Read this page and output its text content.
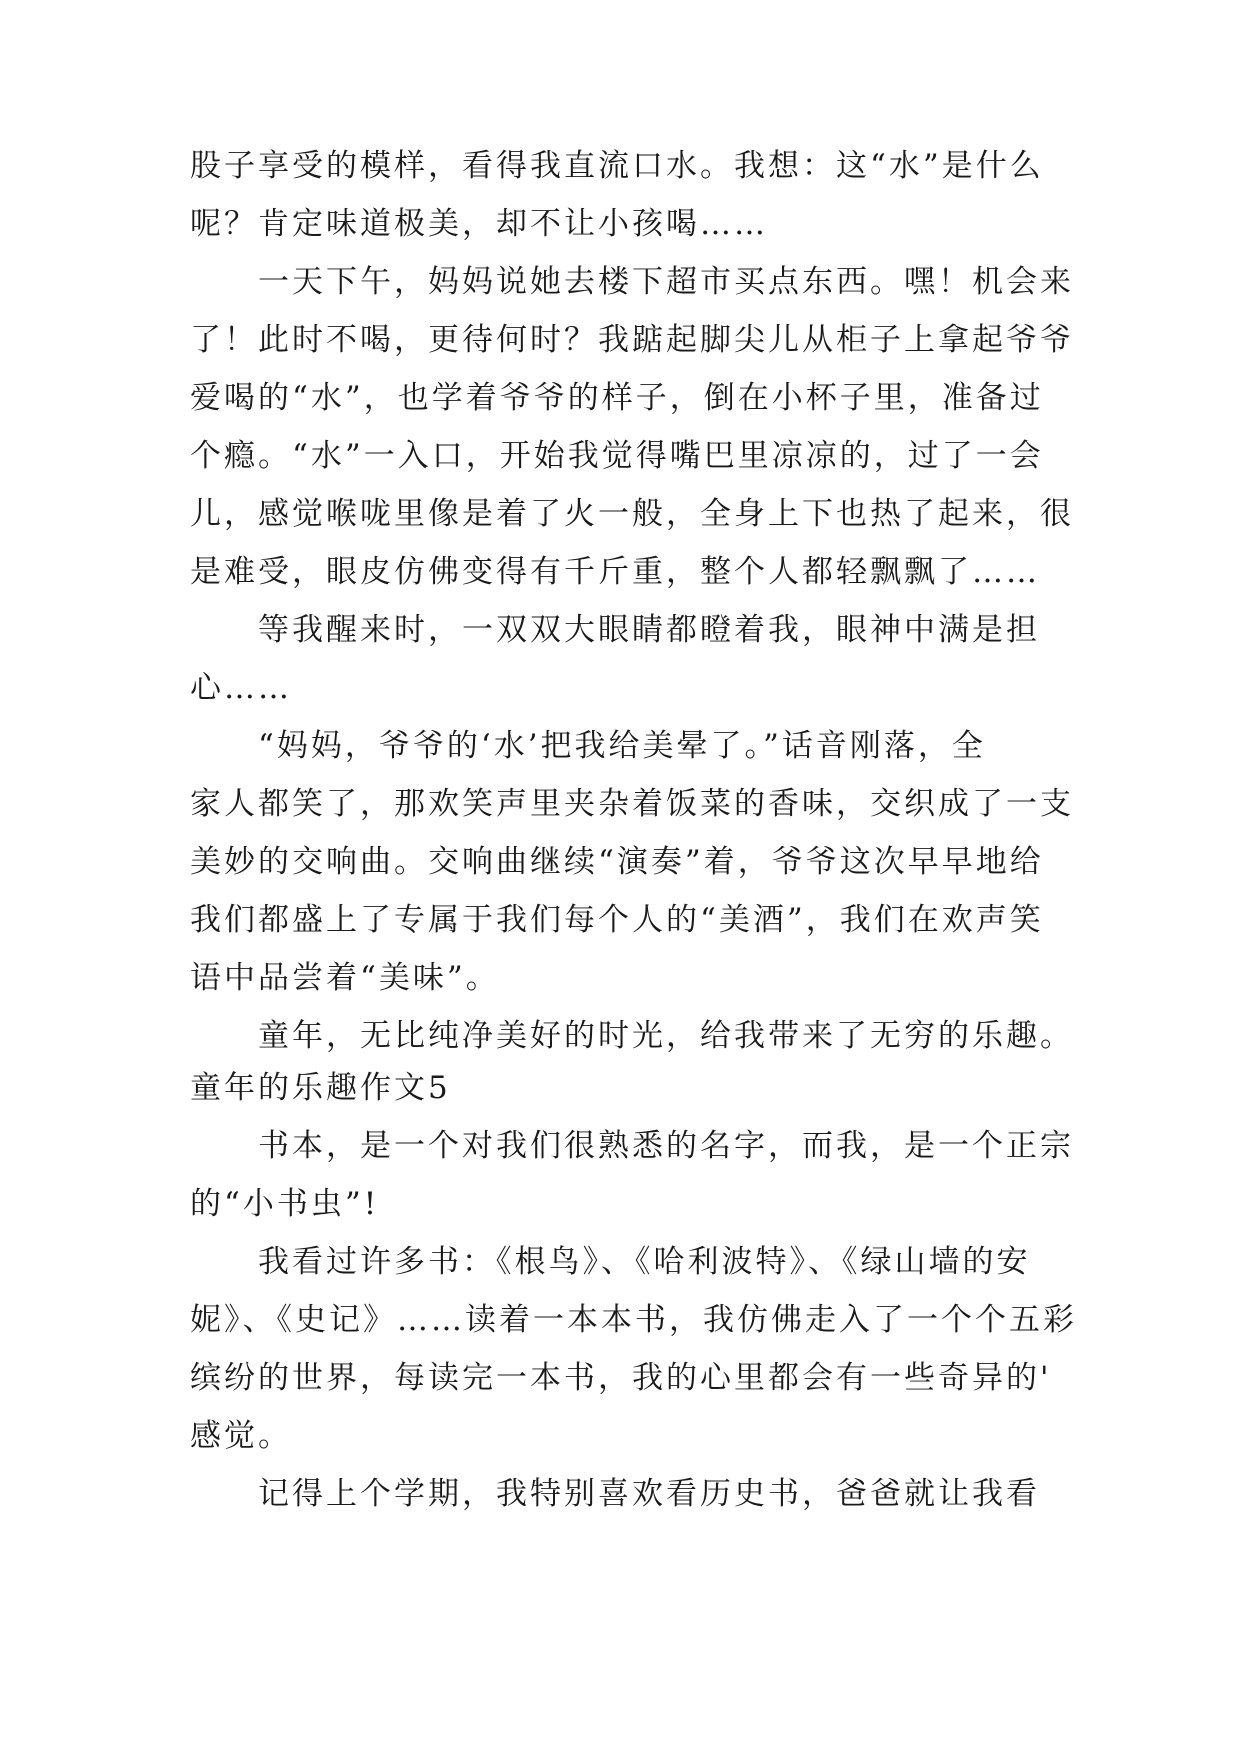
股子享受的模样，看得我直流口水。我想：这“水”是什么
呢？肯定味道极美，却不让小孩喝……
一天下午，妈妈说她去楼下超市买点东西。嘿！机会来
了！此时不喝，更待何时？我踮起脚尖儿从柜子上拿起爷爷
爱喝的“水”，也学着爷爷的样子，倒在小杯子里，准备过
个瘾。“水”一入口，开始我觉得嘴巴里凉凉的，过了一会
儿，感觉喉咙里像是着了火一般，全身上下也热了起来，很
是难受，眼皮仿佛变得有千斤重，整个人都轻飘飘了……
等我醒来时，一双双大眼睛都瞪着我，眼神中满是担
心……
“妈妈，爷爷的‘水’把我给美晕了。”话音刚落，全
家人都笑了，那欢笑声里夹杂着饭菜的香味，交织成了一支
美妙的交响曲。交响曲继续“演奏”着，爷爷这次早早地给
我们都盛上了专属于我们每个人的“美酒”，我们在欢声笑
语中品尝着“美味”。
童年，无比纯净美好的时光，给我带来了无穷的乐趣。
童年的乐趣作文5
书本，是一个对我们很熟悉的名字，而我，是一个正宗
的“小书虫”!
我看过许多书：《根鸟》、《哈利波特》、《绿山墙的安
妮》、《史记》……读着一本本书，我仿佛走入了一个个五彩
缤纷的世界，每读完一本书，我的心里都会有一些奇异的'
感觉。
记得上个学期，我特别喜欢看历史书，爸爸就让我看
